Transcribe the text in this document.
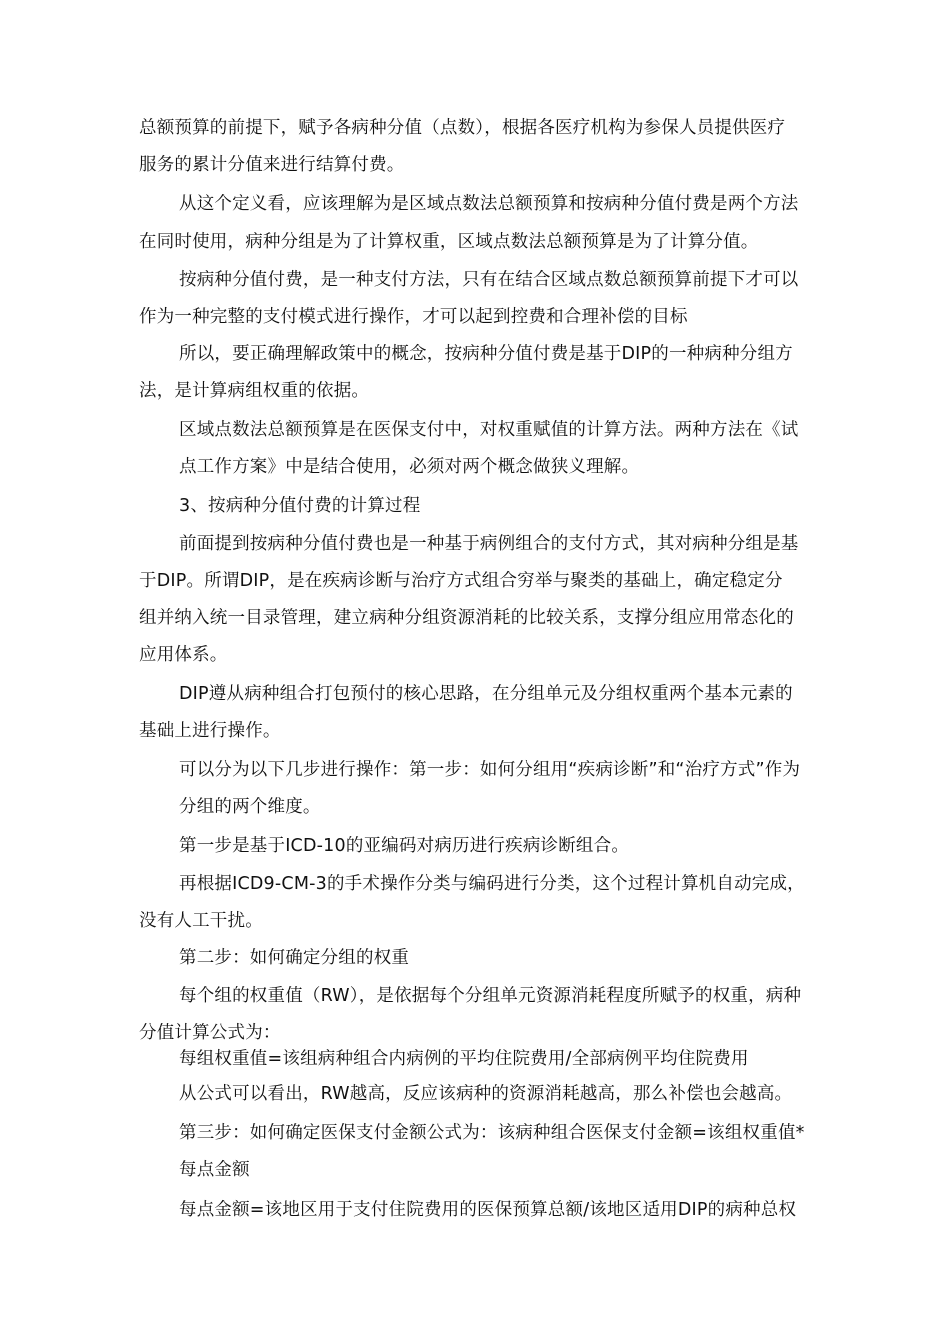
总额预算的前提下，赋予各病种分值（点数），根据各医疗机构为参保人员提供医疗
服务的累计分值来进行结算付费。
从这个定义看，应该理解为是区域点数法总额预算和按病种分值付费是两个方法
在同时使用，病种分组是为了计算权重，区域点数法总额预算是为了计算分值。
按病种分值付费，是一种支付方法，只有在结合区域点数总额预算前提下才可以
作为一种完整的支付模式进行操作，才可以起到控费和合理补偿的目标
所以，要正确理解政策中的概念，按病种分值付费是基于DIP的一种病种分组方
法，是计算病组权重的依据。
区域点数法总额预算是在医保支付中，对权重赋值的计算方法。两种方法在《试
点工作方案》中是结合使用，必须对两个概念做狭义理解。
3、按病种分值付费的计算过程
前面提到按病种分值付费也是一种基于病例组合的支付方式，其对病种分组是基
于DIP。所谓DIP，是在疾病诊断与治疗方式组合穷举与聚类的基础上，确定稳定分
组并纳入统一目录管理，建立病种分组资源消耗的比较关系，支撑分组应用常态化的
应用体系。
DIP遵从病种组合打包预付的核心思路，在分组单元及分组权重两个基本元素的
基础上进行操作。
可以分为以下几步进行操作：第一步：如何分组用“疾病诊断”和“治疗方式”作为
分组的两个维度。
第一步是基于ICD-10的亚编码对病历进行疾病诊断组合。
再根据ICD9-CM-3的手术操作分类与编码进行分类，这个过程计算机自动完成，
没有人工干扰。
第二步：如何确定分组的权重
每个组的权重值（RW），是依据每个分组单元资源消耗程度所赋予的权重，病种
分值计算公式为：
每组权重值=该组病种组合内病例的平均住院费用/全部病例平均住院费用
从公式可以看出，RW越高，反应该病种的资源消耗越高，那么补偿也会越高。
第三步：如何确定医保支付金额公式为：该病种组合医保支付金额=该组权重值*
每点金额
每点金额=该地区用于支付住院费用的医保预算总额/该地区适用DIP的病种总权
